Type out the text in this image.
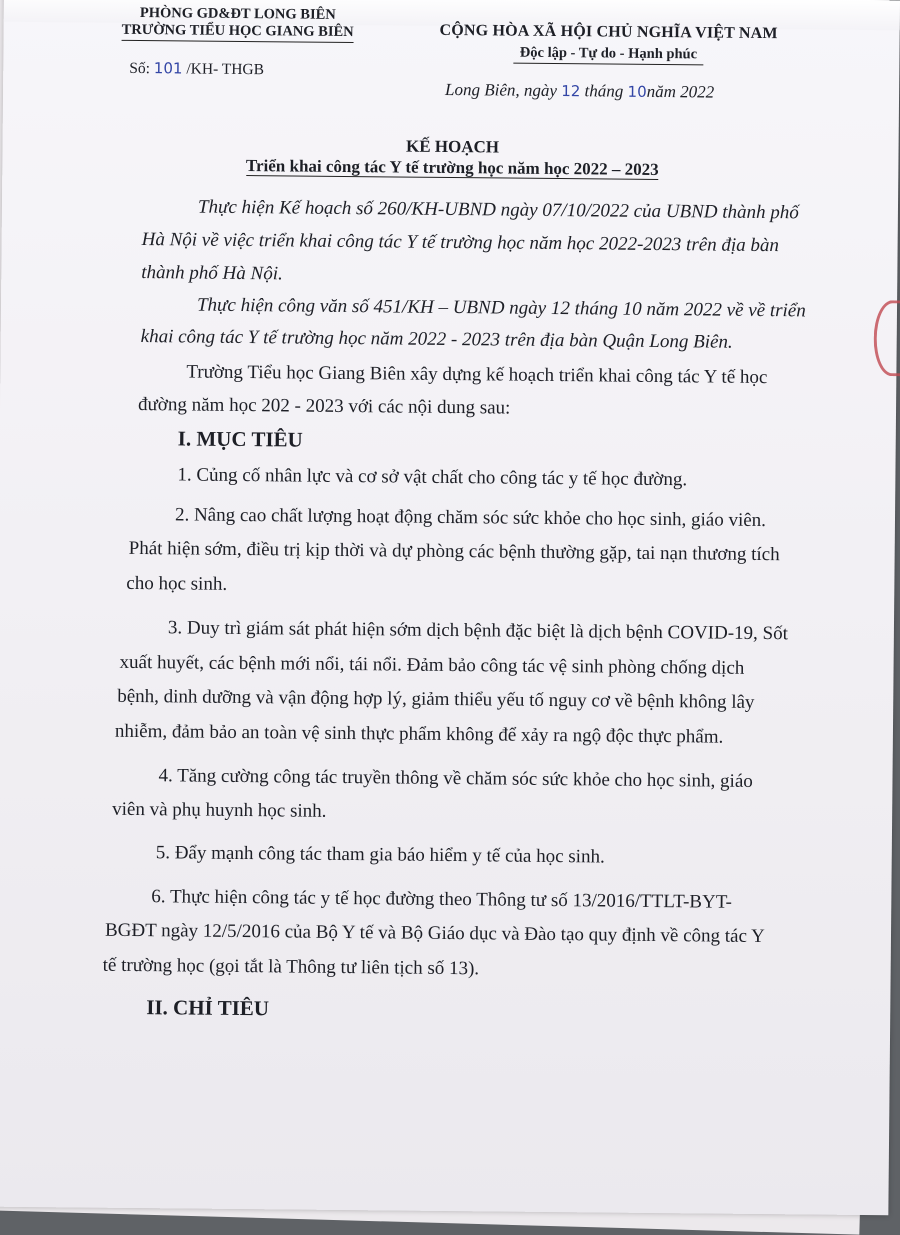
PHÒNG GD&ĐT LONG BIÊN
TRƯỜNG TIỂU HỌC GIANG BIÊN
Số: 101 /KH- THGB
CỘNG HÒA XÃ HỘI CHỦ NGHĨA VIỆT NAM
Độc lập - Tự do - Hạnh phúc
Long Biên, ngày 12 tháng 10năm 2022
KẾ HOẠCH
Triển khai công tác Y tế trường học năm học 2022 – 2023
Thực hiện Kế hoạch số 260/KH-UBND ngày 07/10/2022 của UBND thành phố
Hà Nội về việc triển khai công tác Y tế trường học năm học 2022-2023 trên địa bàn
thành phố Hà Nội.
Thực hiện công văn số 451/KH – UBND ngày 12 tháng 10 năm 2022 về về triển
khai công tác Y tế trường học năm 2022 - 2023 trên địa bàn Quận Long Biên.
Trường Tiểu học Giang Biên xây dựng kế hoạch triển khai công tác Y tế học
đường năm học 202 - 2023 với các nội dung sau:
I. MỤC TIÊU
1. Củng cố nhân lực và cơ sở vật chất cho công tác y tế học đường.
2. Nâng cao chất lượng hoạt động chăm sóc sức khỏe cho học sinh, giáo viên.
Phát hiện sớm, điều trị kịp thời và dự phòng các bệnh thường gặp, tai nạn thương tích
cho học sinh.
3. Duy trì giám sát phát hiện sớm dịch bệnh đặc biệt là dịch bệnh COVID-19, Sốt
xuất huyết, các bệnh mới nổi, tái nổi. Đảm bảo công tác vệ sinh phòng chống dịch
bệnh, dinh dưỡng và vận động hợp lý, giảm thiểu yếu tố nguy cơ về bệnh không lây
nhiễm, đảm bảo an toàn vệ sinh thực phẩm không để xảy ra ngộ độc thực phẩm.
4. Tăng cường công tác truyền thông về chăm sóc sức khỏe cho học sinh, giáo
viên và phụ huynh học sinh.
5. Đẩy mạnh công tác tham gia báo hiểm y tế của học sinh.
6. Thực hiện công tác y tế học đường theo Thông tư số 13/2016/TTLT-BYT-
BGĐT ngày 12/5/2016 của Bộ Y tế và Bộ Giáo dục và Đào tạo quy định về công tác Y
tế trường học (gọi tắt là Thông tư liên tịch số 13).
II. CHỈ TIÊU
